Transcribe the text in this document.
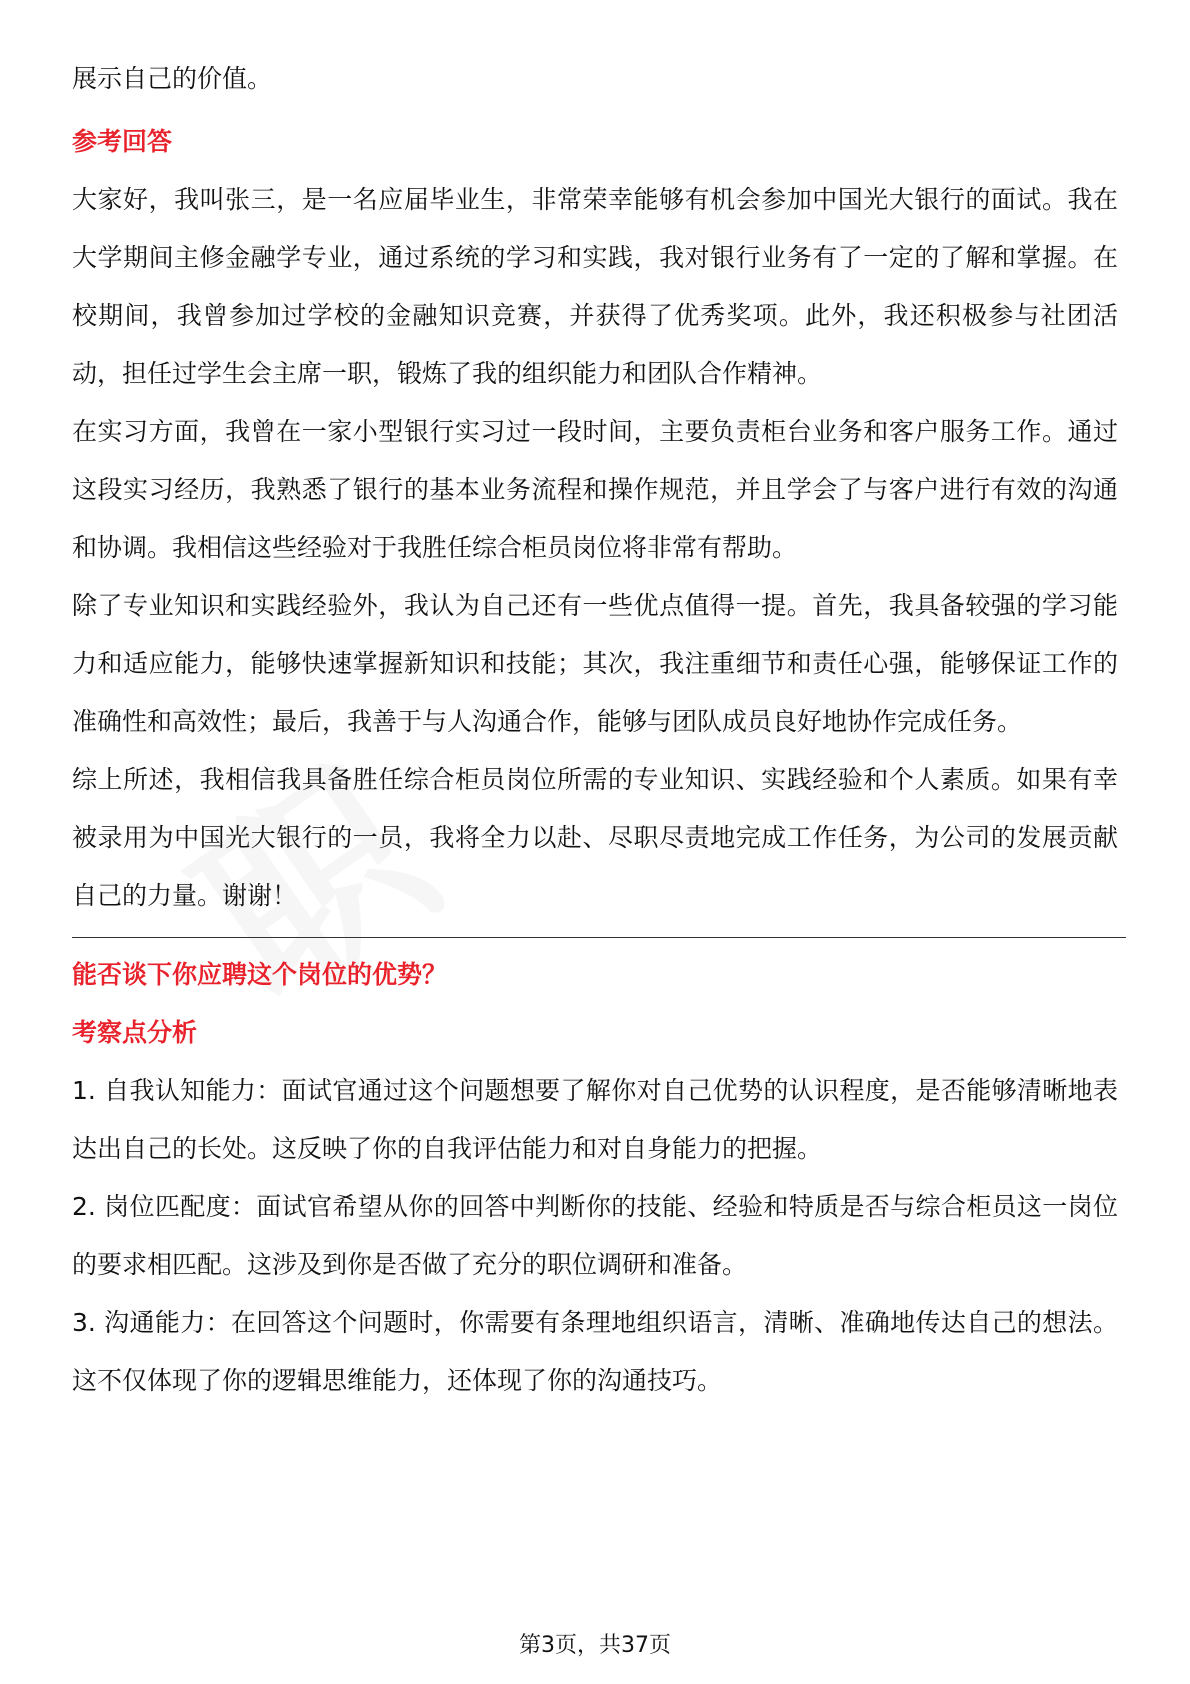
展示自己的价值。

参考回答

大家好，我叫张三，是一名应届毕业生，非常荣幸能够有机会参加中国光大银行的面试。我在大学期间主修金融学专业，通过系统的学习和实践，我对银行业务有了一定的了解和掌握。在校期间，我曾参加过学校的金融知识竞赛，并获得了优秀奖项。此外，我还积极参与社团活动，担任过学生会主席一职，锻炼了我的组织能力和团队合作精神。

在实习方面，我曾在一家小型银行实习过一段时间，主要负责柜台业务和客户服务工作。通过这段实习经历，我熟悉了银行的基本业务流程和操作规范，并且学会了与客户进行有效的沟通和协调。我相信这些经验对于我胜任综合柜员岗位将非常有帮助。

除了专业知识和实践经验外，我认为自己还有一些优点值得一提。首先，我具备较强的学习能力和适应能力，能够快速掌握新知识和技能；其次，我注重细节和责任心强，能够保证工作的准确性和高效性；最后，我善于与人沟通合作，能够与团队成员良好地协作完成任务。

综上所述，我相信我具备胜任综合柜员岗位所需的专业知识、实践经验和个人素质。如果有幸被录用为中国光大银行的一员，我将全力以赴、尽职尽责地完成工作任务，为公司的发展贡献自己的力量。谢谢！

能否谈下你应聘这个岗位的优势？

考察点分析

1. 自我认知能力：面试官通过这个问题想要了解你对自己优势的认识程度，是否能够清晰地表达出自己的长处。这反映了你的自我评估能力和对自身能力的把握。

2. 岗位匹配度：面试官希望从你的回答中判断你的技能、经验和特质是否与综合柜员这一岗位的要求相匹配。这涉及到你是否做了充分的职位调研和准备。

3. 沟通能力：在回答这个问题时，你需要有条理地组织语言，清晰、准确地传达自己的想法。这不仅体现了你的逻辑思维能力，还体现了你的沟通技巧。

第3页，共37页
